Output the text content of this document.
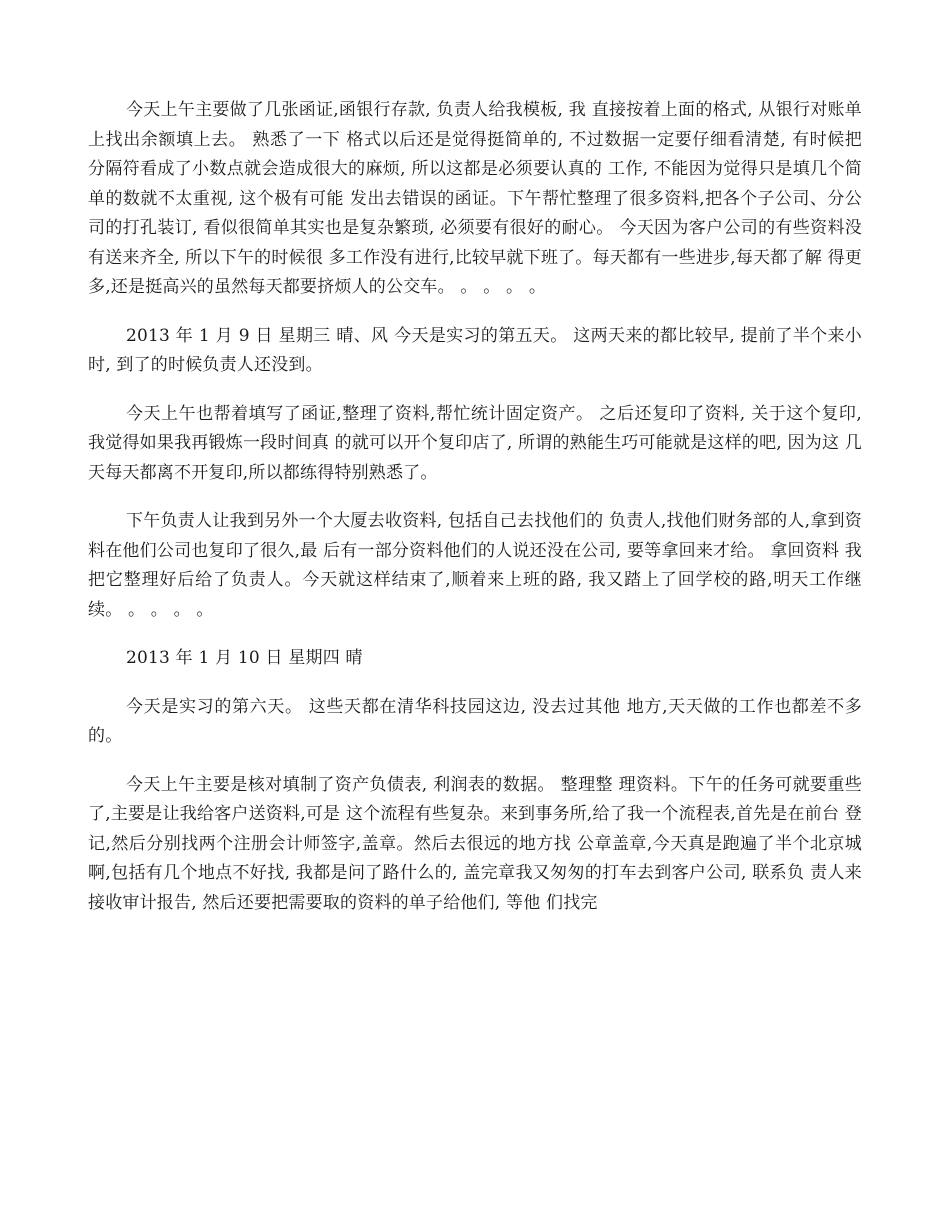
今天上午主要做了几张函证,函银行存款, 负责人给我模板, 我 直接按着上面的格式, 从银行对账单上找出余额填上去。 熟悉了一下 格式以后还是觉得挺简单的, 不过数据一定要仔细看清楚, 有时候把 分隔符看成了小数点就会造成很大的麻烦, 所以这都是必须要认真的 工作, 不能因为觉得只是填几个简单的数就不太重视, 这个极有可能 发出去错误的函证。下午帮忙整理了很多资料,把各个子公司、分公 司的打孔装订, 看似很简单其实也是复杂繁琐, 必须要有很好的耐心。 今天因为客户公司的有些资料没有送来齐全, 所以下午的时候很 多工作没有进行,比较早就下班了。每天都有一些进步,每天都了解 得更多,还是挺高兴的虽然每天都要挤烦人的公交车。 。 。 。 。

2013 年 1 月 9 日 星期三 晴、风 今天是实习的第五天。 这两天来的都比较早, 提前了半个来小时, 到了的时候负责人还没到。

今天上午也帮着填写了函证,整理了资料,帮忙统计固定资产。 之后还复印了资料, 关于这个复印, 我觉得如果我再锻炼一段时间真 的就可以开个复印店了, 所谓的熟能生巧可能就是这样的吧, 因为这 几天每天都离不开复印,所以都练得特别熟悉了。

下午负责人让我到另外一个大厦去收资料, 包括自己去找他们的 负责人,找他们财务部的人,拿到资料在他们公司也复印了很久,最 后有一部分资料他们的人说还没在公司, 要等拿回来才给。 拿回资料 我把它整理好后给了负责人。今天就这样结束了,顺着来上班的路, 我又踏上了回学校的路,明天工作继续。 。 。 。 。

2013 年 1 月 10 日 星期四 晴

今天是实习的第六天。 这些天都在清华科技园这边, 没去过其他 地方,天天做的工作也都差不多的。

今天上午主要是核对填制了资产负债表, 利润表的数据。 整理整 理资料。下午的任务可就要重些了,主要是让我给客户送资料,可是 这个流程有些复杂。来到事务所,给了我一个流程表,首先是在前台 登记,然后分别找两个注册会计师签字,盖章。然后去很远的地方找 公章盖章,今天真是跑遍了半个北京城啊,包括有几个地点不好找, 我都是问了路什么的, 盖完章我又匆匆的打车去到客户公司, 联系负 责人来接收审计报告, 然后还要把需要取的资料的单子给他们, 等他 们找完
